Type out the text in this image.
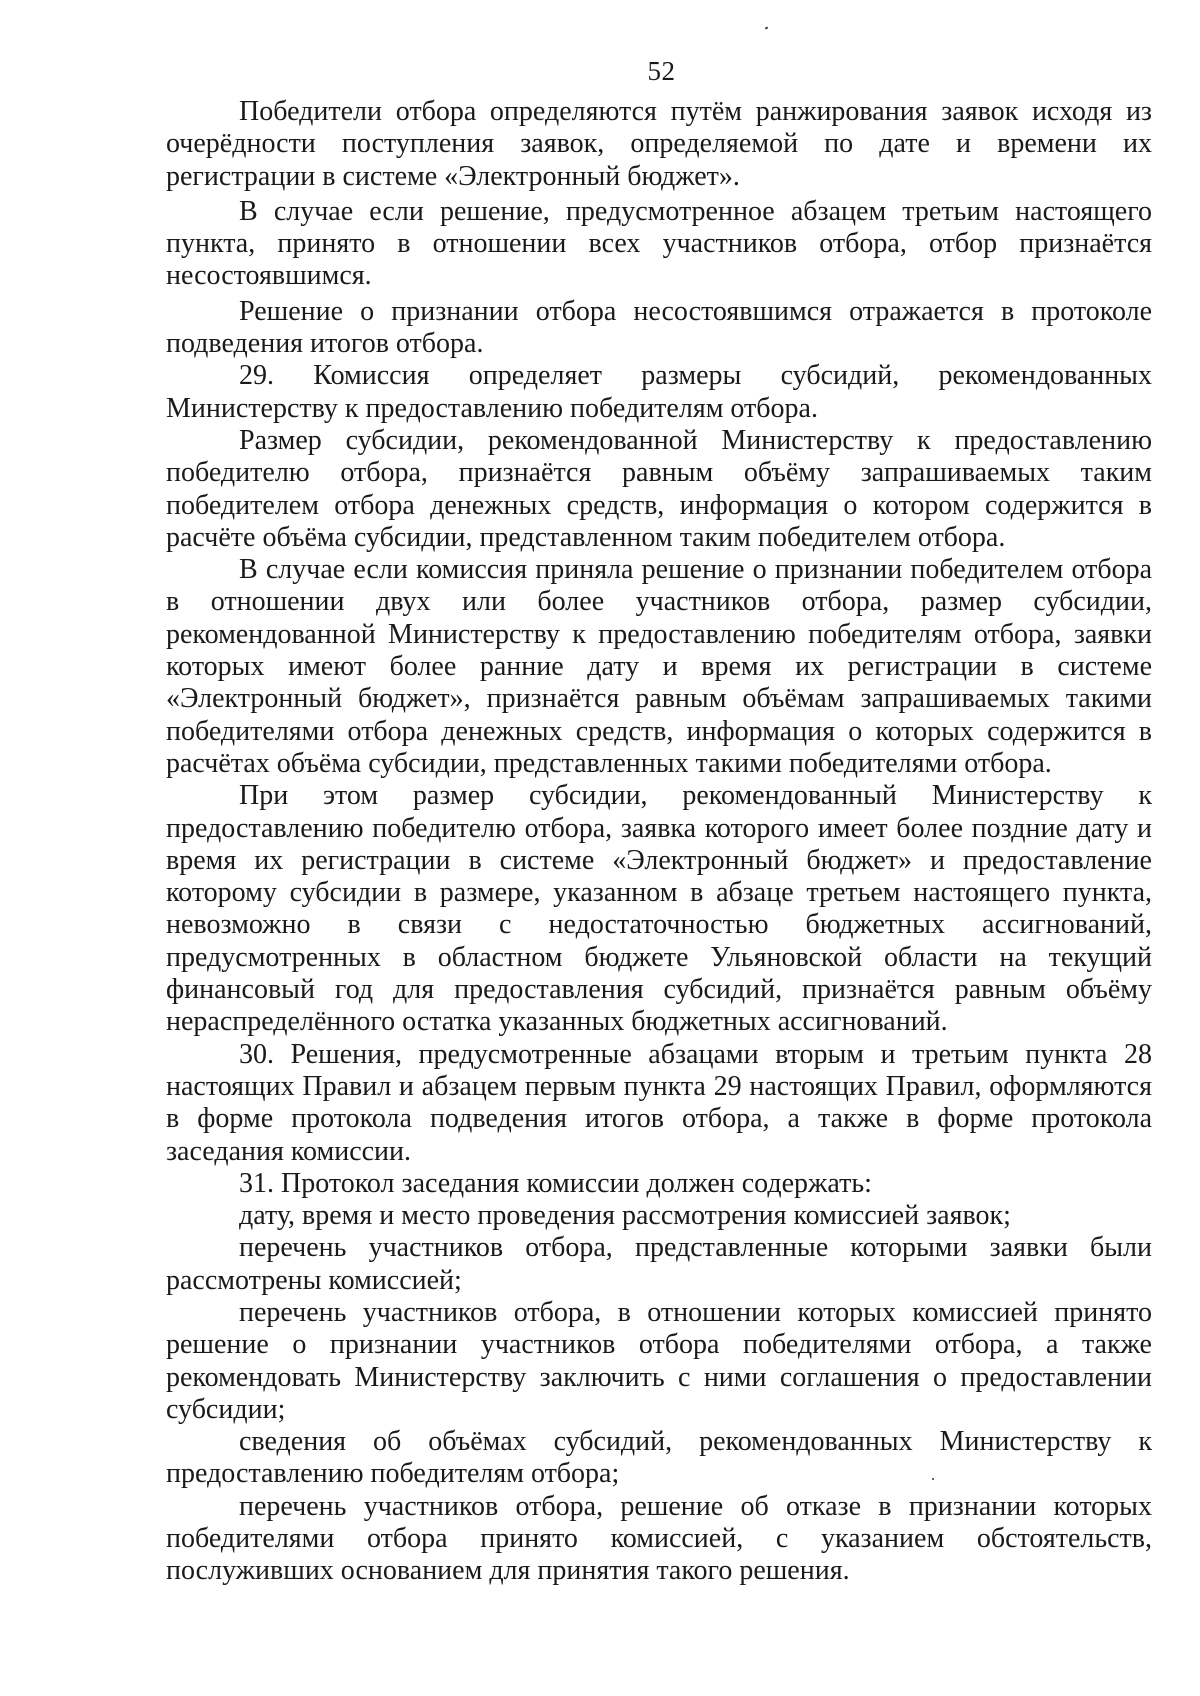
52

Победители отбора определяются путём ранжирования заявок исходя из очерёдности поступления заявок, определяемой по дате и времени их регистрации в системе «Электронный бюджет».

В случае если решение, предусмотренное абзацем третьим настоящего пункта, принято в отношении всех участников отбора, отбор признаётся несостоявшимся.

Решение о признании отбора несостоявшимся отражается в протоколе подведения итогов отбора.

29. Комиссия определяет размеры субсидий, рекомендованных Министерству к предоставлению победителям отбора.

Размер субсидии, рекомендованной Министерству к предоставлению победителю отбора, признаётся равным объёму запрашиваемых таким победителем отбора денежных средств, информация о котором содержится в расчёте объёма субсидии, представленном таким победителем отбора.

В случае если комиссия приняла решение о признании победителем отбора в отношении двух или более участников отбора, размер субсидии, рекомендованной Министерству к предоставлению победителям отбора, заявки которых имеют более ранние дату и время их регистрации в системе «Электронный бюджет», признаётся равным объёмам запрашиваемых такими победителями отбора денежных средств, информация о которых содержится в расчётах объёма субсидии, представленных такими победителями отбора.

При этом размер субсидии, рекомендованный Министерству к предоставлению победителю отбора, заявка которого имеет более поздние дату и время их регистрации в системе «Электронный бюджет» и предоставление которому субсидии в размере, указанном в абзаце третьем настоящего пункта, невозможно в связи с недостаточностью бюджетных ассигнований, предусмотренных в областном бюджете Ульяновской области на текущий финансовый год для предоставления субсидий, признаётся равным объёму нераспределённого остатка указанных бюджетных ассигнований.

30. Решения, предусмотренные абзацами вторым и третьим пункта 28 настоящих Правил и абзацем первым пункта 29 настоящих Правил, оформляются в форме протокола подведения итогов отбора, а также в форме протокола заседания комиссии.

31. Протокол заседания комиссии должен содержать:

дату, время и место проведения рассмотрения комиссией заявок;

перечень участников отбора, представленные которыми заявки были рассмотрены комиссией;

перечень участников отбора, в отношении которых комиссией принято решение о признании участников отбора победителями отбора, а также рекомендовать Министерству заключить с ними соглашения о предоставлении субсидии;

сведения об объёмах субсидий, рекомендованных Министерству к предоставлению победителям отбора;

перечень участников отбора, решение об отказе в признании которых победителями отбора принято комиссией, с указанием обстоятельств, послуживших основанием для принятия такого решения.
